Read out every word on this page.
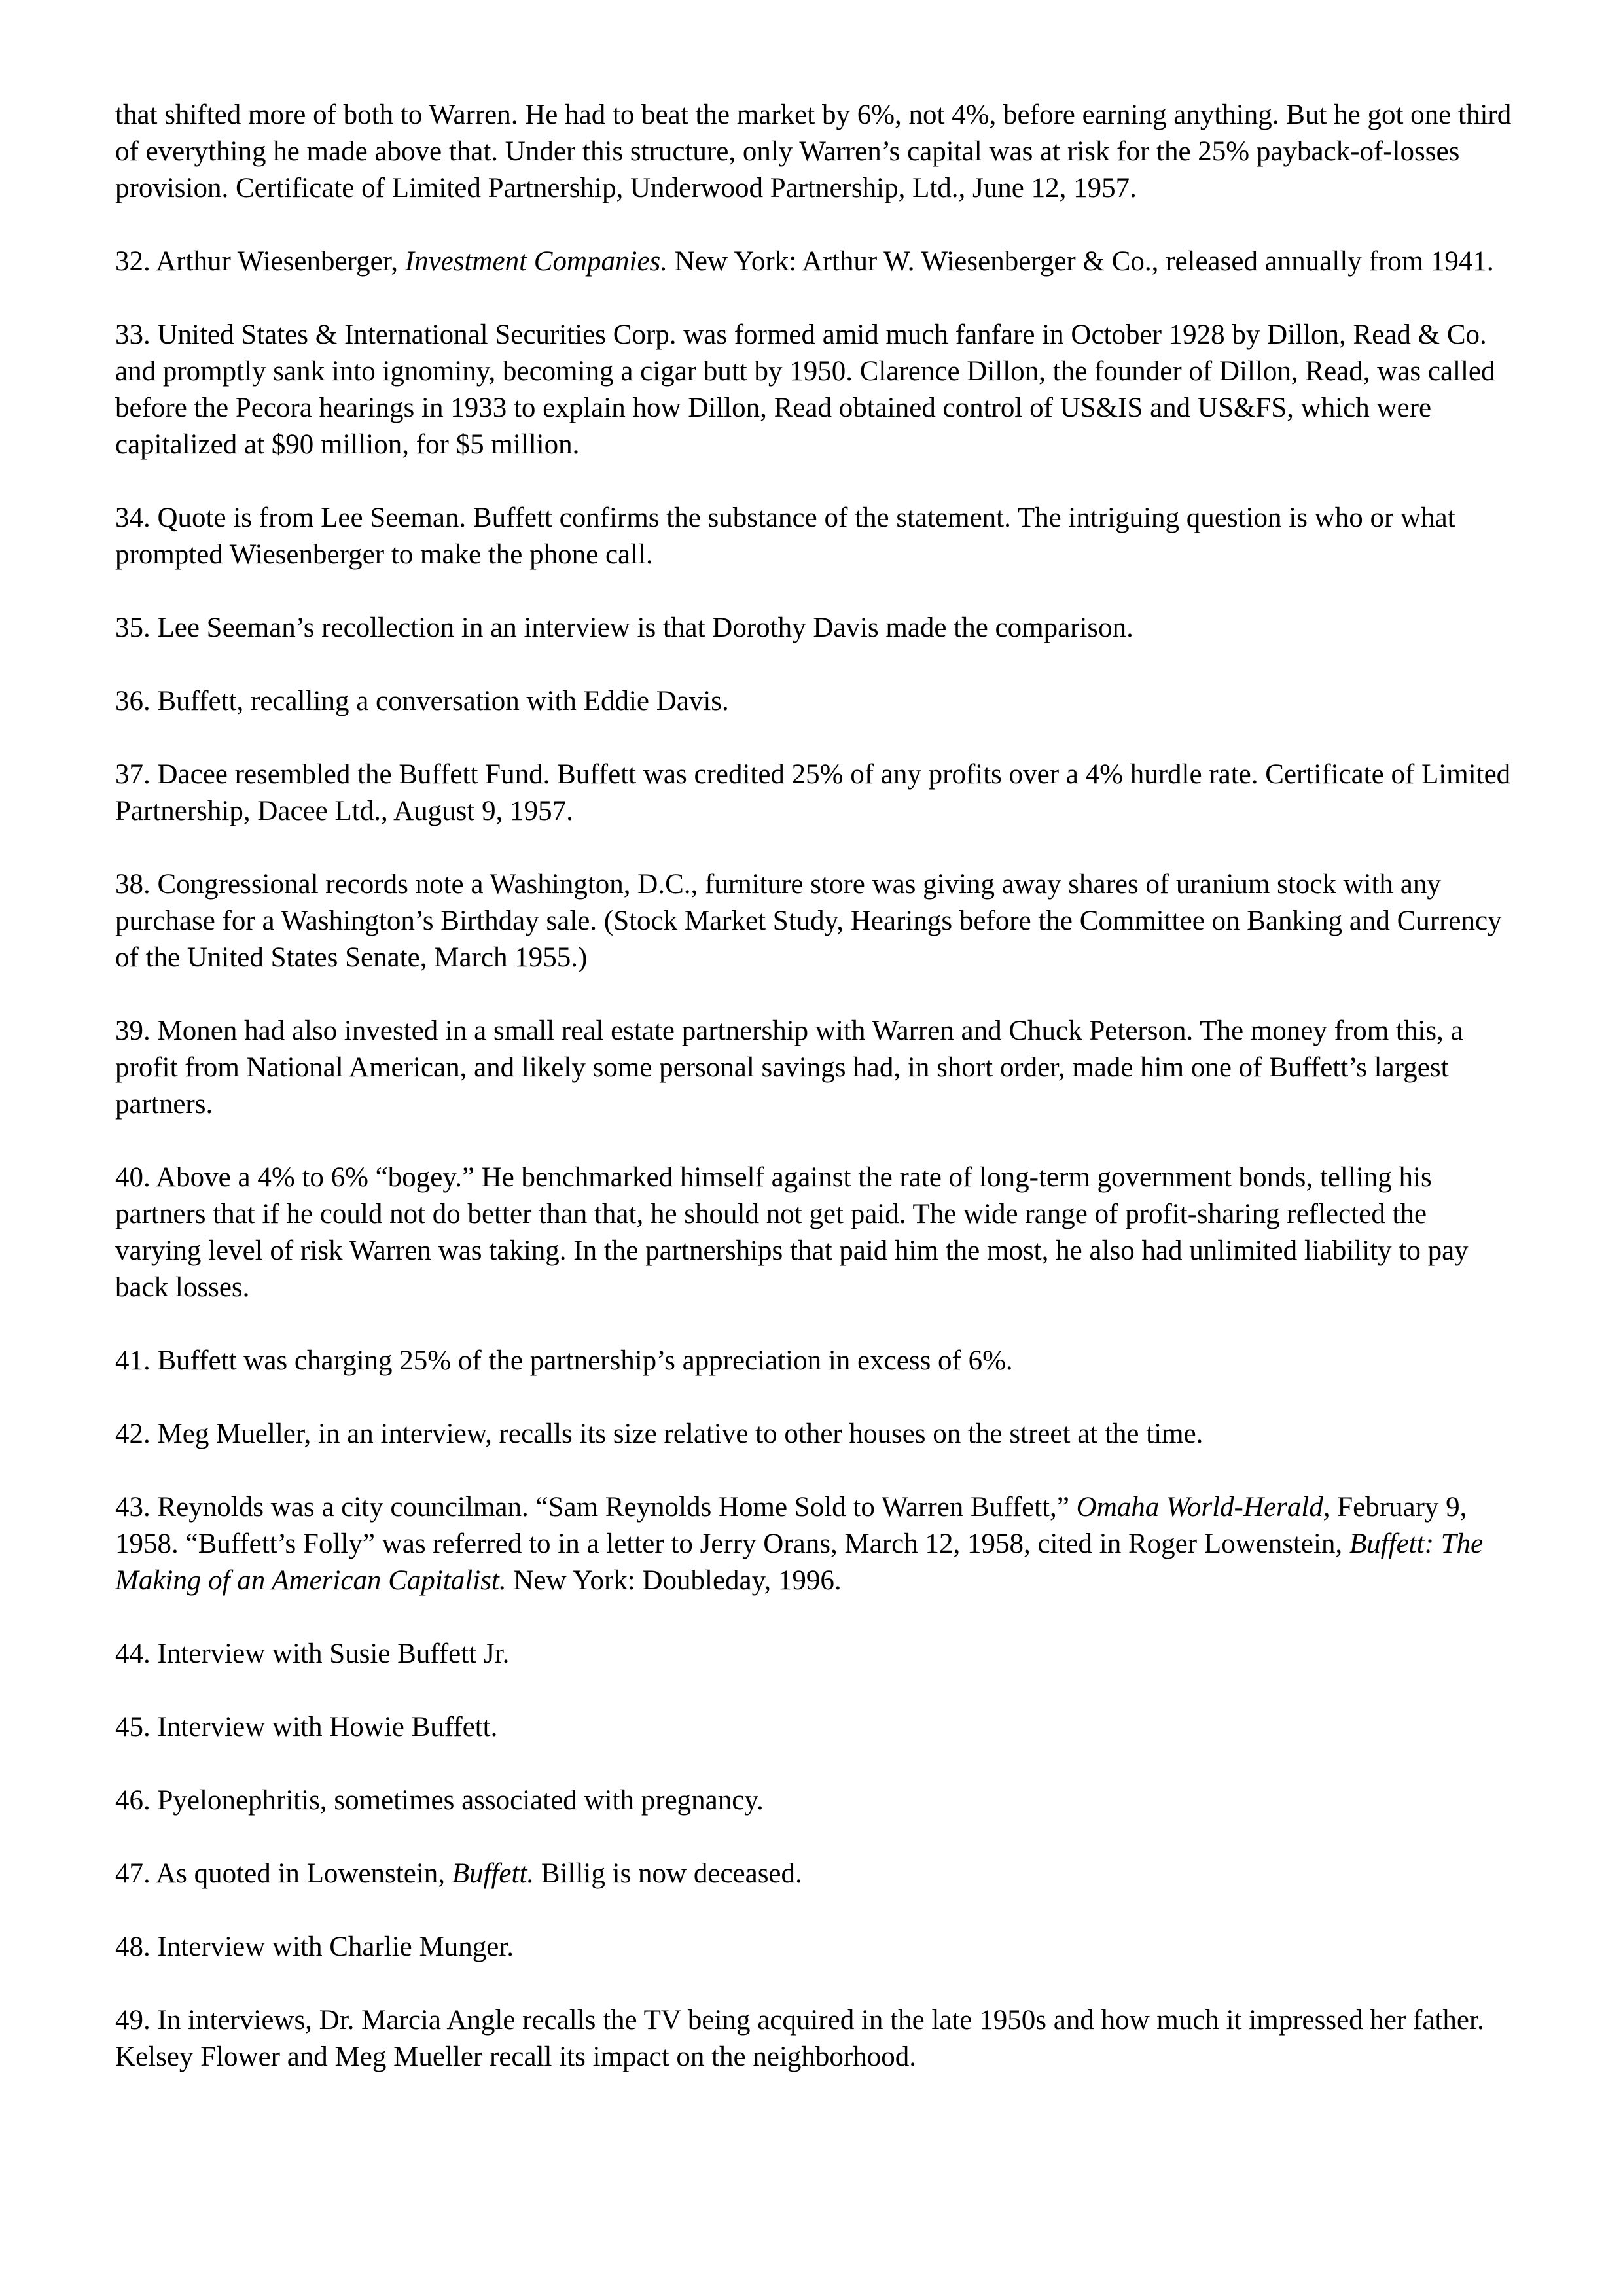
that shifted more of both to Warren. He had to beat the market by 6%, not 4%, before earning anything. But he got one third of everything he made above that. Under this structure, only Warren’s capital was at risk for the 25% payback-of-losses provision. Certificate of Limited Partnership, Underwood Partnership, Ltd., June 12, 1957.

32. Arthur Wiesenberger, Investment Companies. New York: Arthur W. Wiesenberger & Co., released annually from 1941.

33. United States & International Securities Corp. was formed amid much fanfare in October 1928 by Dillon, Read & Co. and promptly sank into ignominy, becoming a cigar butt by 1950. Clarence Dillon, the founder of Dillon, Read, was called before the Pecora hearings in 1933 to explain how Dillon, Read obtained control of US&IS and US&FS, which were capitalized at $90 million, for $5 million.

34. Quote is from Lee Seeman. Buffett confirms the substance of the statement. The intriguing question is who or what prompted Wiesenberger to make the phone call.

35. Lee Seeman’s recollection in an interview is that Dorothy Davis made the comparison.

36. Buffett, recalling a conversation with Eddie Davis.

37. Dacee resembled the Buffett Fund. Buffett was credited 25% of any profits over a 4% hurdle rate. Certificate of Limited Partnership, Dacee Ltd., August 9, 1957.

38. Congressional records note a Washington, D.C., furniture store was giving away shares of uranium stock with any purchase for a Washington’s Birthday sale. (Stock Market Study, Hearings before the Committee on Banking and Currency of the United States Senate, March 1955.)

39. Monen had also invested in a small real estate partnership with Warren and Chuck Peterson. The money from this, a profit from National American, and likely some personal savings had, in short order, made him one of Buffett’s largest partners.

40. Above a 4% to 6% “bogey.” He benchmarked himself against the rate of long-term government bonds, telling his partners that if he could not do better than that, he should not get paid. The wide range of profit-sharing reflected the varying level of risk Warren was taking. In the partnerships that paid him the most, he also had unlimited liability to pay back losses.

41. Buffett was charging 25% of the partnership’s appreciation in excess of 6%.

42. Meg Mueller, in an interview, recalls its size relative to other houses on the street at the time.

43. Reynolds was a city councilman. “Sam Reynolds Home Sold to Warren Buffett,” Omaha World-Herald, February 9, 1958. “Buffett’s Folly” was referred to in a letter to Jerry Orans, March 12, 1958, cited in Roger Lowenstein, Buffett: The Making of an American Capitalist. New York: Doubleday, 1996.

44. Interview with Susie Buffett Jr.

45. Interview with Howie Buffett.

46. Pyelonephritis, sometimes associated with pregnancy.

47. As quoted in Lowenstein, Buffett. Billig is now deceased.

48. Interview with Charlie Munger.

49. In interviews, Dr. Marcia Angle recalls the TV being acquired in the late 1950s and how much it impressed her father. Kelsey Flower and Meg Mueller recall its impact on the neighborhood.
